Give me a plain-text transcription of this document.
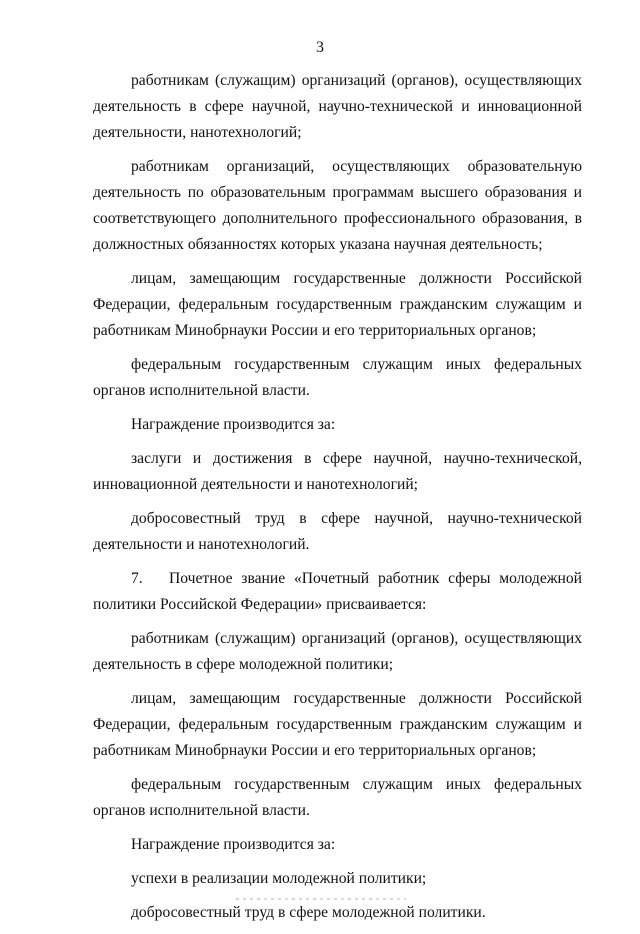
3

работникам (служащим) организаций (органов), осуществляющих деятельность в сфере научной, научно-технической и инновационной деятельности, нанотехнологий;

работникам организаций, осуществляющих образовательную деятельность по образовательным программам высшего образования и соответствующего дополнительного профессионального образования, в должностных обязанностях которых указана научная деятельность;

лицам, замещающим государственные должности Российской Федерации, федеральным государственным гражданским служащим и работникам Минобрнауки России и его территориальных органов;

федеральным государственным служащим иных федеральных органов исполнительной власти.

Награждение производится за:

заслуги и достижения в сфере научной, научно-технической, инновационной деятельности и нанотехнологий;

добросовестный труд в сфере научной, научно-технической деятельности и нанотехнологий.

7. Почетное звание «Почетный работник сферы молодежной политики Российской Федерации» присваивается:

работникам (служащим) организаций (органов), осуществляющих деятельность в сфере молодежной политики;

лицам, замещающим государственные должности Российской Федерации, федеральным государственным гражданским служащим и работникам Минобрнауки России и его территориальных органов;

федеральным государственным служащим иных федеральных органов исполнительной власти.

Награждение производится за:

успехи в реализации молодежной политики;

добросовестный труд в сфере молодежной политики.
